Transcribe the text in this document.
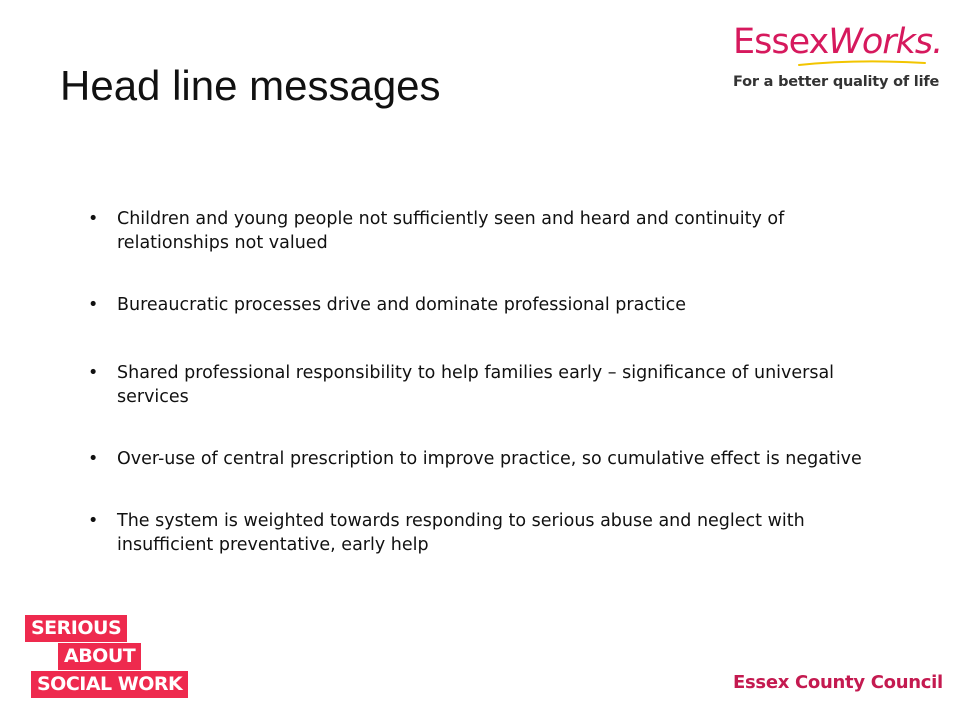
Head line messages
EssexWorks.
For a better quality of life
• Children and young people not sufficiently seen and heard and continuity of relationships not valued
• Bureaucratic processes drive and dominate professional practice
• Shared professional responsibility to help families early – significance of universal services
• Over-use of central prescription to improve practice, so cumulative effect is negative
• The system is weighted towards responding to serious abuse and neglect with insufficient preventative, early help
SERIOUS
ABOUT
SOCIAL WORK	Essex County Council
